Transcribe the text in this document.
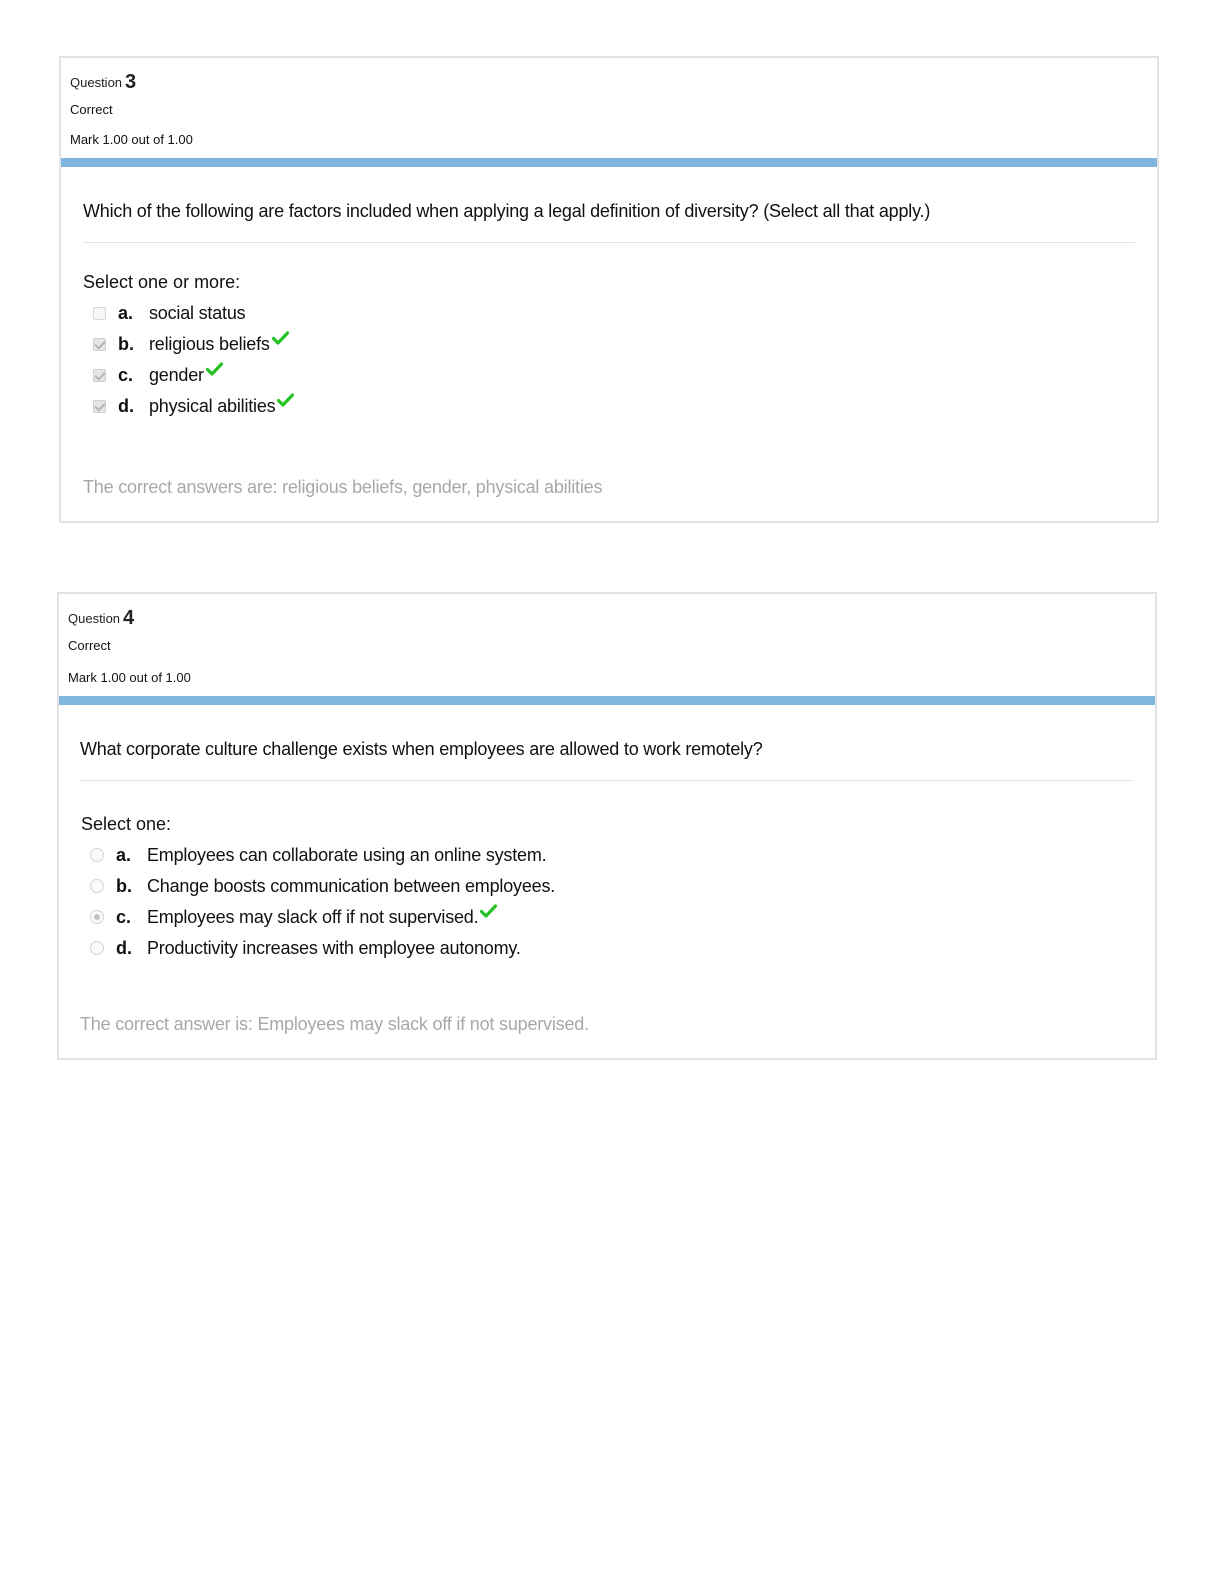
Question 3
Correct
Mark 1.00 out of 1.00
Which of the following are factors included when applying a legal definition of diversity? (Select all that apply.)
Select one or more:
a. social status
b. religious beliefs
c. gender
d. physical abilities
The correct answers are: religious beliefs, gender, physical abilities
Question 4
Correct
Mark 1.00 out of 1.00
What corporate culture challenge exists when employees are allowed to work remotely?
Select one:
a. Employees can collaborate using an online system.
b. Change boosts communication between employees.
c. Employees may slack off if not supervised.
d. Productivity increases with employee autonomy.
The correct answer is: Employees may slack off if not supervised.
